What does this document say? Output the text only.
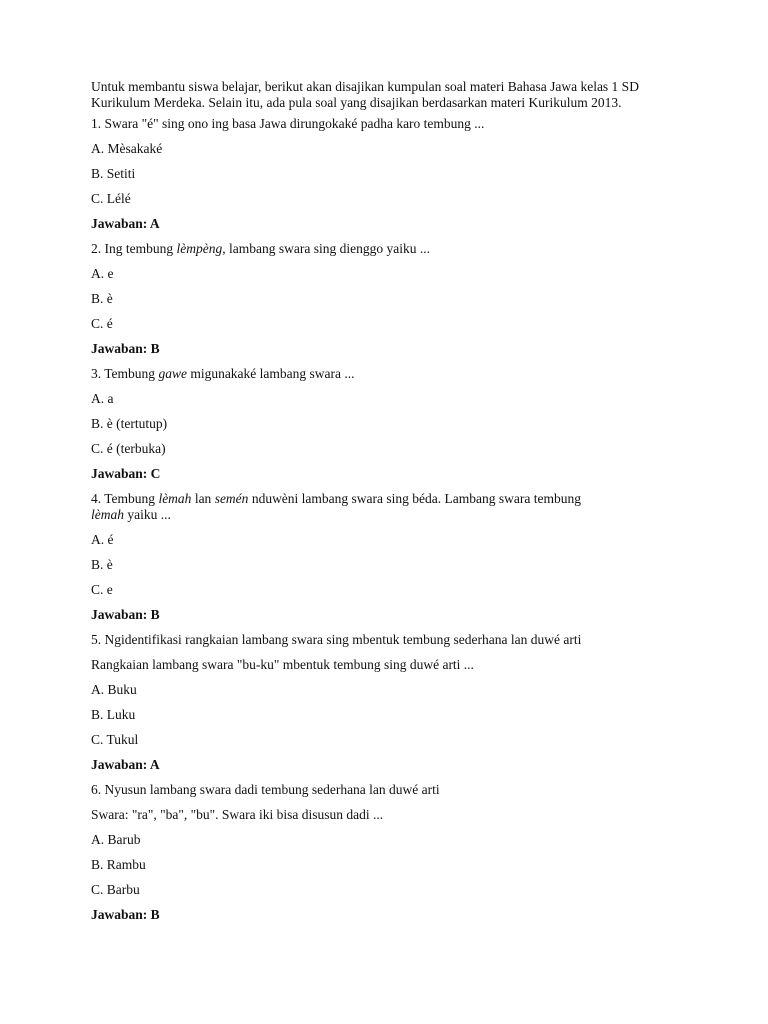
Untuk membantu siswa belajar, berikut akan disajikan kumpulan soal materi Bahasa Jawa kelas 1 SD Kurikulum Merdeka. Selain itu, ada pula soal yang disajikan berdasarkan materi Kurikulum 2013.

1. Swara "é" sing ono ing basa Jawa dirungokaké padha karo tembung ...

A. Mèsakaké

B. Setiti

C. Lélé

Jawaban: A

2. Ing tembung lèmpèng, lambang swara sing dienggo yaiku ...

A. e

B. è

C. é

Jawaban: B

3. Tembung gawe migunakaké lambang swara ...

A. a

B. è (tertutup)

C. é (terbuka)

Jawaban: C

4. Tembung lèmah lan semén nduwèni lambang swara sing béda. Lambang swara tembung lèmah yaiku ...

A. é

B. è

C. e

Jawaban: B

5. Ngidentifikasi rangkaian lambang swara sing mbentuk tembung sederhana lan duwé arti

Rangkaian lambang swara "bu-ku" mbentuk tembung sing duwé arti ...

A. Buku

B. Luku

C. Tukul

Jawaban: A

6. Nyusun lambang swara dadi tembung sederhana lan duwé arti

Swara: "ra", "ba", "bu". Swara iki bisa disusun dadi ...

A. Barub

B. Rambu

C. Barbu

Jawaban: B
